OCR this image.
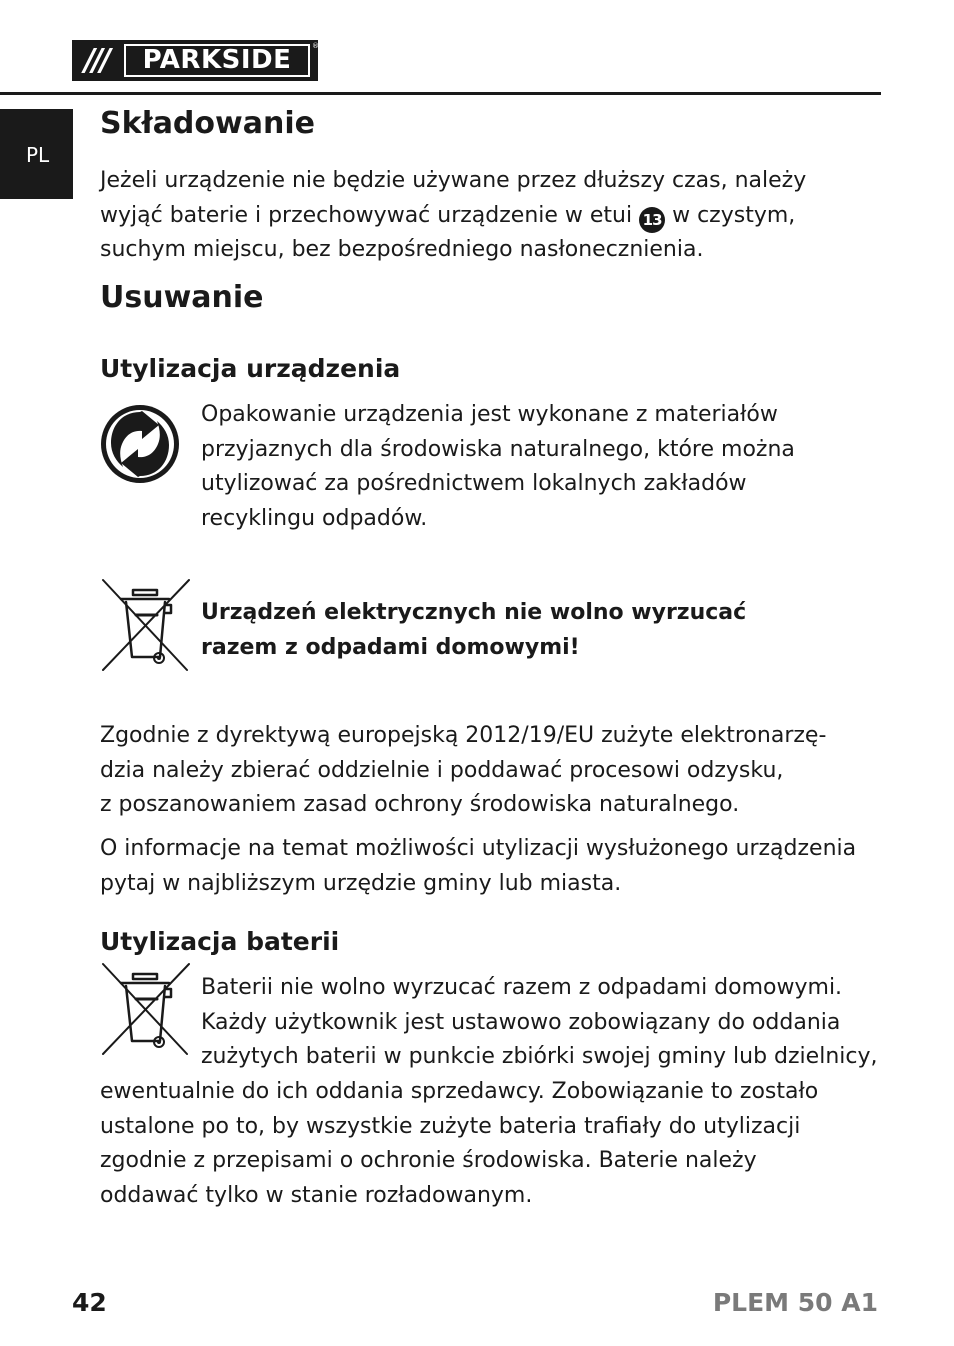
///	PARKSIDE	®
PL
Składowanie

Jeżeli urządzenie nie będzie używane przez dłuższy czas, należy
wyjąć baterie i przechowywać urządzenie w etui 13 w czystym,
suchym miejscu, bez bezpośredniego nasłonecznienia.

Usuwanie
Utylizacja urządzenia

Opakowanie urządzenia jest wykonane z materiałów
przyjaznych dla środowiska naturalnego, które można
utylizować za pośrednictwem lokalnych zakładów
recyklingu odpadów.

Urządzeń elektrycznych nie wolno wyrzucać
razem z odpadami domowymi!

Zgodnie z dyrektywą europejską 2012/19/EU zużyte elektronarzę-
dzia należy zbierać oddzielnie i poddawać procesowi odzysku,
z poszanowaniem zasad ochrony środowiska naturalnego.

O informacje na temat możliwości utylizacji wysłużonego urządzenia
pytaj w najbliższym urzędzie gminy lub miasta.

Utylizacja baterii

Baterii nie wolno wyrzucać razem z odpadami domowymi.
Każdy użytkownik jest ustawowo zobowiązany do oddania
zużytych baterii w punkcie zbiórki swojej gminy lub dzielnicy,

ewentualnie do ich oddania sprzedawcy. Zobowiązanie to zostało
ustalone po to, by wszystkie zużyte bateria trafiały do utylizacji
zgodnie z przepisami o ochronie środowiska. Baterie należy
oddawać tylko w stanie rozładowanym.

42	PLEM 50 A1
